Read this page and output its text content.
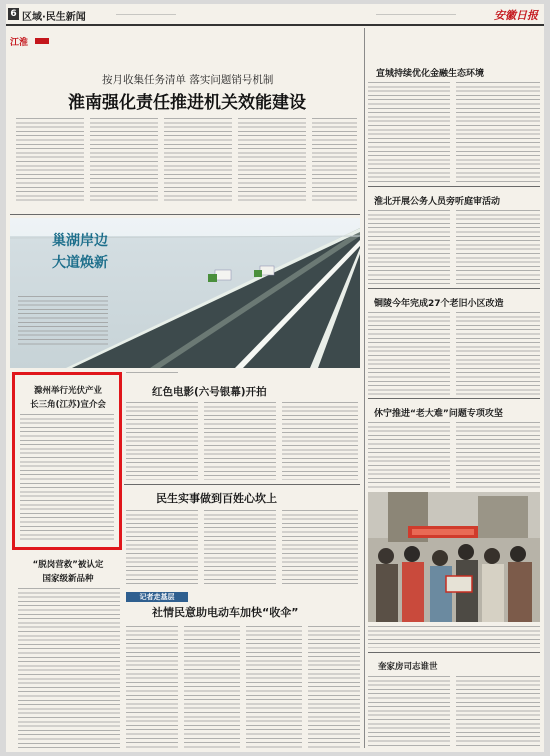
6 区域·民生新闻	安徽日报
江淮
按月收集任务清单 落实问题销号机制
淮南强化责任推进机关效能建设
巢湖岸边
大道焕新
滁州举行光伏产业
长三角(江苏)宣介会
红色电影(六号银幕)开拍
民生实事做到百姓心坎上
“脱岗营救”被认定
国家级新品种
记者走基层
社情民意助电动车加快“收伞”
宣城持续优化金融生态环境
淮北开展公务人员旁听庭审活动
铜陵今年完成27个老旧小区改造
休宁推进“老大难”问题专项攻坚
奎家房司志谁世
